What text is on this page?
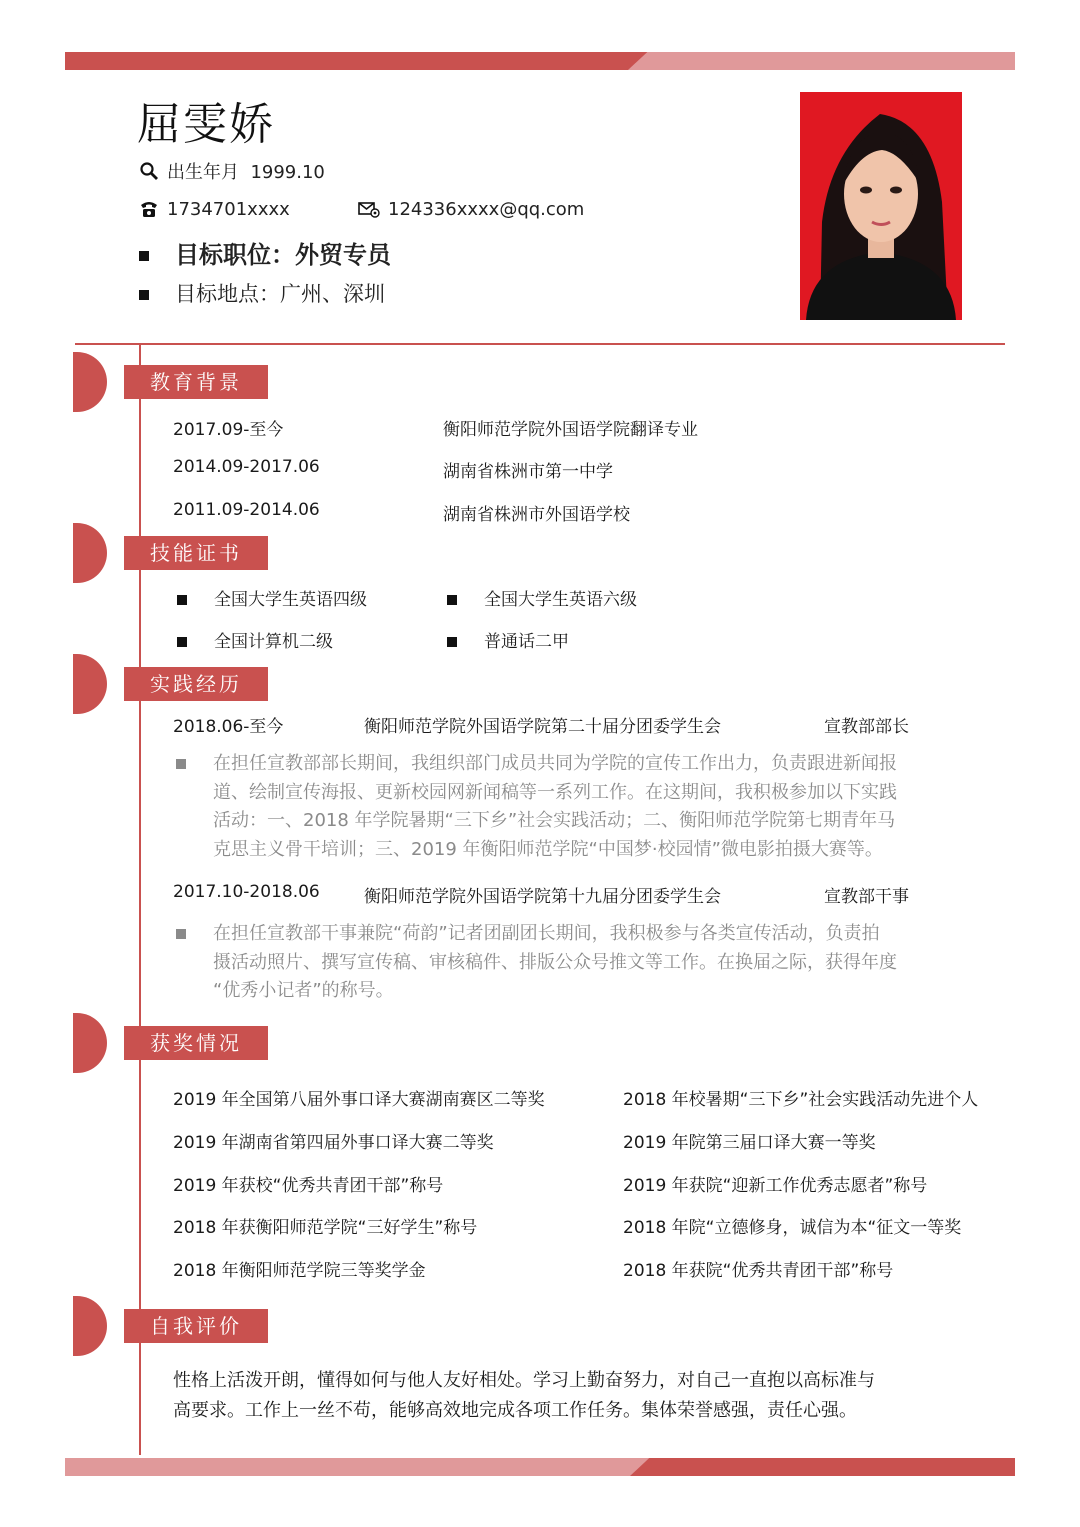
屈雯娇
出生年月 1999.10
1734701xxxx	124336xxxx@qq.com
目标职位：外贸专员
目标地点：广州、深圳
教育背景
2017.09-至今	衡阳师范学院外国语学院翻译专业
2014.09-2017.06	湖南省株洲市第一中学
2011.09-2014.06	湖南省株洲市外国语学校
技能证书
全国大学生英语四级	全国大学生英语六级
全国计算机二级	普通话二甲
实践经历
2018.06-至今	衡阳师范学院外国语学院第二十届分团委学生会	宣教部部长
在担任宣教部部长期间，我组织部门成员共同为学院的宣传工作出力，负责跟进新闻报
道、绘制宣传海报、更新校园网新闻稿等一系列工作。在这期间，我积极参加以下实践
活动：一、2018 年学院暑期“三下乡”社会实践活动；二、衡阳师范学院第七期青年马
克思主义骨干培训；三、2019 年衡阳师范学院“中国梦·校园情”微电影拍摄大赛等。
2017.10-2018.06	衡阳师范学院外国语学院第十九届分团委学生会	宣教部干事
在担任宣教部干事兼院“荷韵”记者团副团长期间，我积极参与各类宣传活动，负责拍
摄活动照片、撰写宣传稿、审核稿件、排版公众号推文等工作。在换届之际，获得年度
“优秀小记者”的称号。
获奖情况
2019 年全国第八届外事口译大赛湖南赛区二等奖	2018 年校暑期“三下乡”社会实践活动先进个人
2019 年湖南省第四届外事口译大赛二等奖	2019 年院第三届口译大赛一等奖
2019 年获校“优秀共青团干部”称号	2019 年获院“迎新工作优秀志愿者”称号
2018 年获衡阳师范学院“三好学生”称号	2018 年院“立德修身，诚信为本“征文一等奖
2018 年衡阳师范学院三等奖学金	2018 年获院“优秀共青团干部”称号
自我评价
性格上活泼开朗，懂得如何与他人友好相处。学习上勤奋努力，对自己一直抱以高标准与
高要求。工作上一丝不苟，能够高效地完成各项工作任务。集体荣誉感强，责任心强。
